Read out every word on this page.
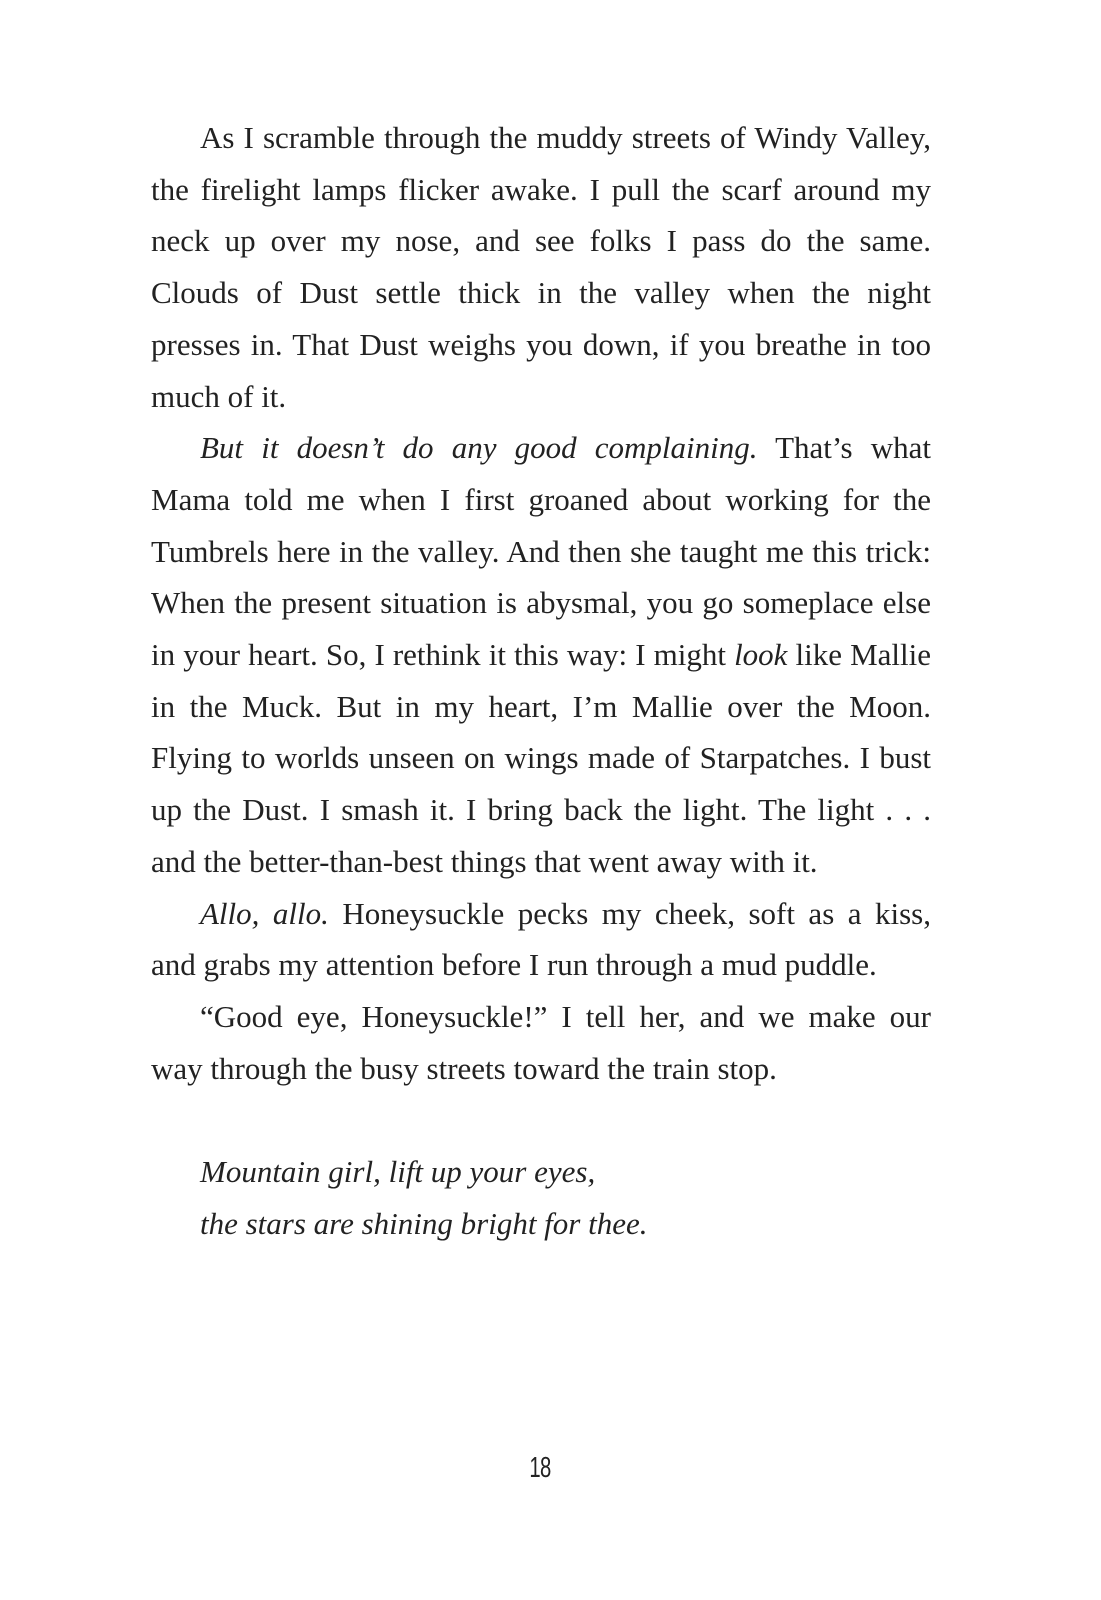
As I scramble through the muddy streets of Windy Valley, the firelight lamps flicker awake. I pull the scarf around my neck up over my nose, and see folks I pass do the same. Clouds of Dust settle thick in the valley when the night presses in. That Dust weighs you down, if you breathe in too much of it.

But it doesn’t do any good complaining. That’s what Mama told me when I first groaned about working for the Tumbrels here in the valley. And then she taught me this trick: When the present situation is abysmal, you go someplace else in your heart. So, I rethink it this way: I might look like Mallie in the Muck. But in my heart, I’m Mallie over the Moon. Flying to worlds unseen on wings made of Starpatches. I bust up the Dust. I smash it. I bring back the light. The light . . . and the better-than-best things that went away with it.

Allo, allo. Honeysuckle pecks my cheek, soft as a kiss, and grabs my attention before I run through a mud puddle.

“Good eye, Honeysuckle!” I tell her, and we make our way through the busy streets toward the train stop.

Mountain girl, lift up your eyes,
the stars are shining bright for thee.
18
